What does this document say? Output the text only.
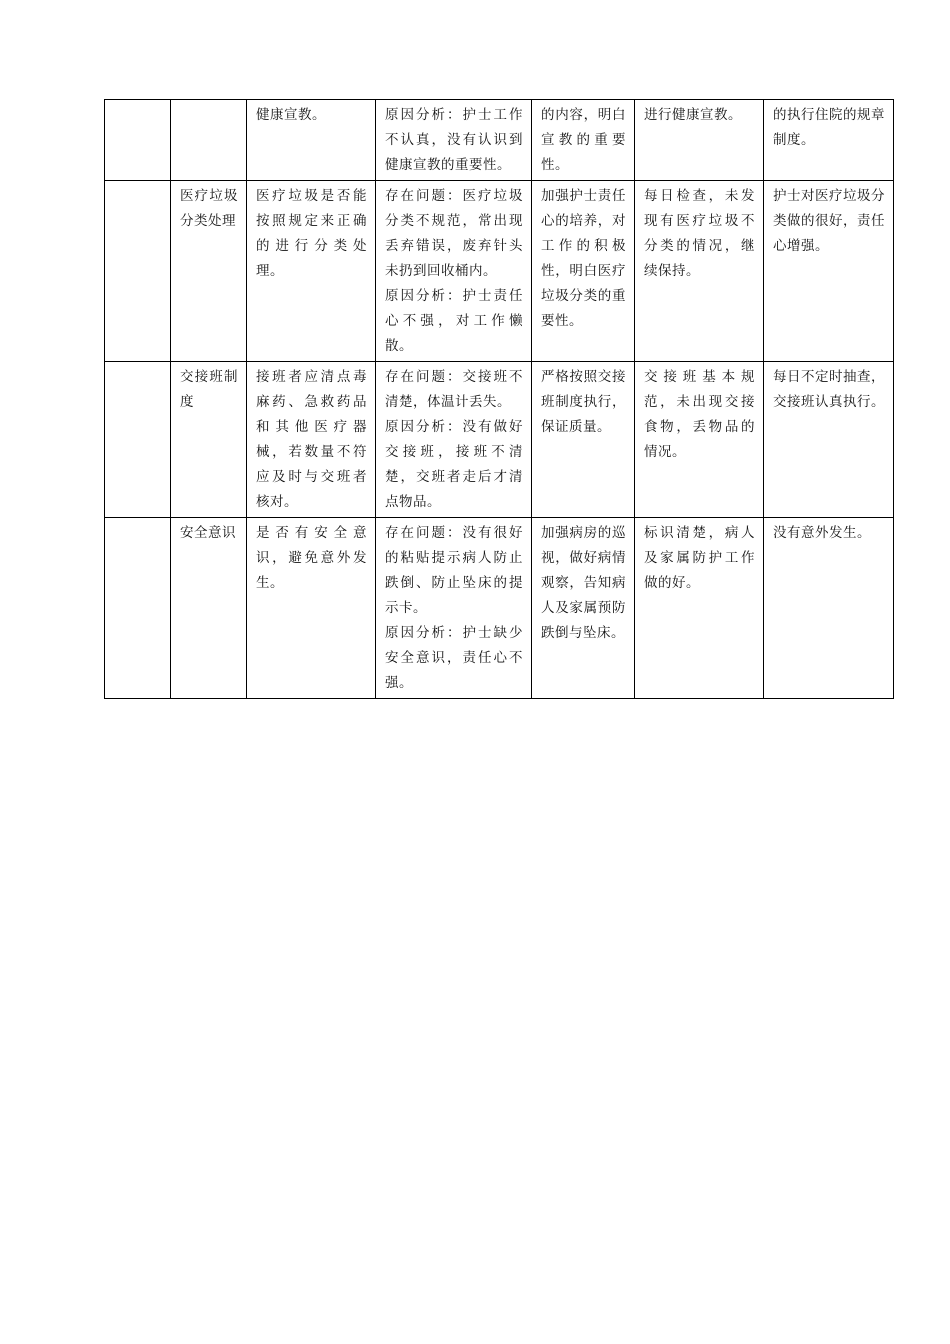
		健康宣教。	原因分析：护士工作不认真，没有认识到健康宣教的重要性。	的内容，明白宣教的重要性。	进行健康宣教。	的执行住院的规章制度。

	医疗垃圾分类处理	医疗垃圾是否能按照规定来正确的进行分类处理。	存在问题：医疗垃圾分类不规范，常出现丢弃错误，废弃针头未扔到回收桶内。
原因分析：护士责任心不强，对工作懒散。	加强护士责任心的培养，对工作的积极性，明白医疗垃圾分类的重要性。	每日检查，未发现有医疗垃圾不分类的情况，继续保持。	护士对医疗垃圾分类做的很好，责任心增强。

	交接班制度	接班者应清点毒麻药、急救药品和其他医疗器械，若数量不符应及时与交班者核对。	存在问题：交接班不清楚，体温计丢失。
原因分析：没有做好交接班，接班不清楚，交班者走后才清点物品。	严格按照交接班制度执行，保证质量。	交接班基本规范，未出现交接食物，丢物品的情况。	每日不定时抽查，交接班认真执行。

	安全意识	是否有安全意识，避免意外发生。	存在问题：没有很好的粘贴提示病人防止跌倒、防止坠床的提示卡。
原因分析：护士缺少安全意识，责任心不强。	加强病房的巡视，做好病情观察，告知病人及家属预防跌倒与坠床。	标识清楚，病人及家属防护工作做的好。	没有意外发生。
